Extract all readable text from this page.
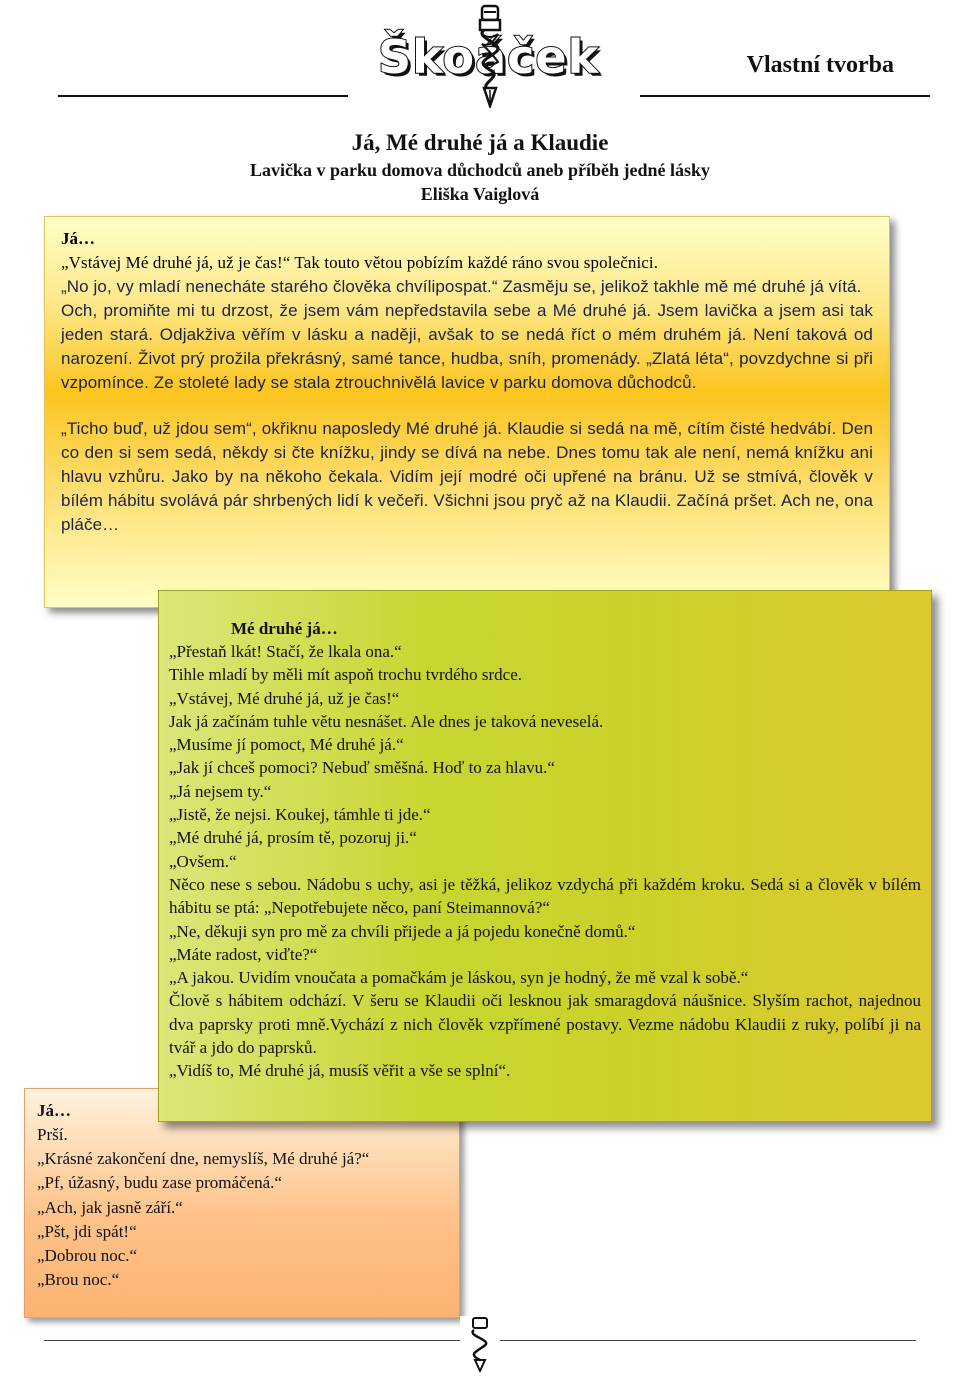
Škoáček	Vlastní tvorba
Já, Mé druhé já a Klaudie
Lavička v parku domova důchodců aneb příběh jedné lásky
Eliška Vaiglová
Já…

„Vstávej Mé druhé já, už je čas!“ Tak touto větou pobízím každé ráno svou společnici.

„No jo, vy mladí nenecháte starého člověka chvílipospat.“ Zasměju se, jelikož takhle mě mé druhé já vítá.

Och, promiňte mi tu drzost, že jsem vám nepředstavila sebe a Mé druhé já. Jsem lavička a jsem asi tak jeden stará. Odjakživa věřím v lásku a naději, avšak to se nedá říct o mém druhém já. Není taková od narození. Život prý prožila překrásný, samé tance, hudba, sníh, promenády. „Zlatá léta“, povzdychne si při vzpomínce. Ze stoleté lady se stala ztrouchnivělá lavice v parku domova důchodců.

„Ticho buď, už jdou sem“, okřiknu naposledy Mé druhé já. Klaudie si sedá na mě, cítím čisté hedvábí. Den co den si sem sedá, někdy si čte knížku, jindy se dívá na nebe. Dnes tomu tak ale není, nemá knížku ani hlavu vzhůru. Jako by na někoho čekala. Vidím její modré oči upřené na bránu. Už se stmívá, člověk v bílém hábitu svolává pár shrbených lidí k večeři. Všichni jsou pryč až na Klaudii. Začíná pršet. Ach ne, ona pláče…

Já…
Prší.
„Krásné zakončení dne, nemyslíš, Mé druhé já?“
„Pf, úžasný, budu zase promáčená.“
„Ach, jak jasně září.“
„Pšt, jdi spát!“
„Dobrou noc.“
„Brou noc.“
Mé druhé já…
„Přestaň lkát! Stačí, že lkala ona.“
Tihle mladí by měli mít aspoň trochu tvrdého srdce.
„Vstávej, Mé druhé já, už je čas!“
Jak já začínám tuhle větu nesnášet. Ale dnes je taková neveselá.
„Musíme jí pomoct, Mé druhé já.“
„Jak jí chceš pomoci? Nebuď směšná. Hoď to za hlavu.“
„Já nejsem ty.“
„Jistě, že nejsi. Koukej, támhle ti jde.“
„Mé druhé já, prosím tě, pozoruj ji.“
„Ovšem.“

Něco nese s sebou. Nádobu s uchy, asi je těžká, jelikoz vzdychá při každém kroku. Sedá si a člověk v bílém hábitu se ptá: „Nepotřebujete něco, paní Steimannová?“

„Ne, děkuji syn pro mě za chvíli přijede a já pojedu konečně domů.“
„Máte radost, viďte?“
„A jakou. Uvidím vnoučata a pomačkám je láskou, syn je hodný, že mě vzal k sobě.“

Člově s hábitem odchází. V šeru se Klaudii oči lesknou jak smaragdová náušnice. Slyším rachot, najednou dva paprsky proti mně.Vychází z nich člověk vzpřímené postavy. Vezme nádobu Klaudii z ruky, políbí ji na tvář a jdo do paprsků.

„Vidíš to, Mé druhé já, musíš věřit a vše se splní“.
